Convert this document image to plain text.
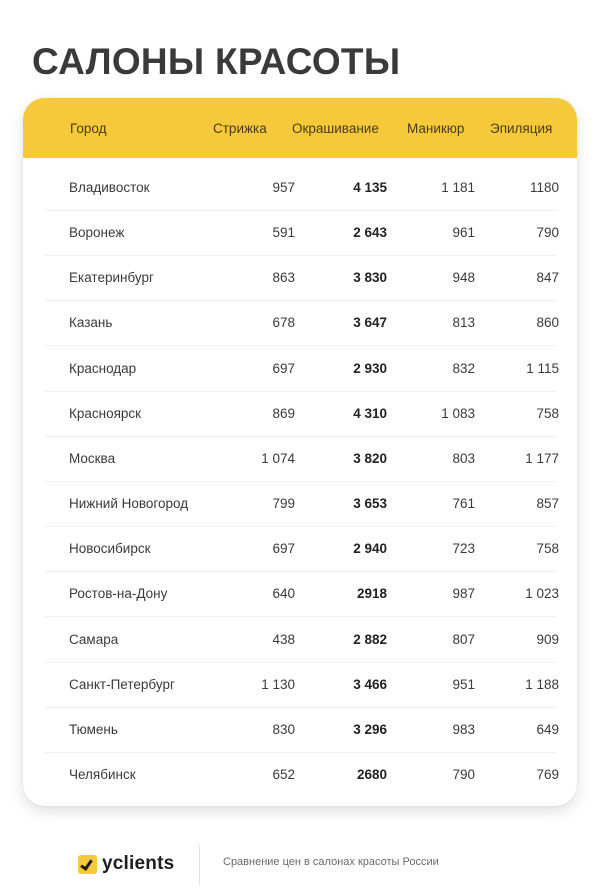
САЛОНЫ КРАСОТЫ
Город	Стрижка Окрашивание Маникюр Эпиляция
Владивосток	957	4 135	1 181	1180
Воронеж	591	2 643	961	790
Екатеринбург	863	3 830	948	847
Казань	678	3 647	813	860
Краснодар	697	2 930	832	1 115
Красноярск	869	4 310	1 083	758
Москва	1 074	3 820	803	1 177
Нижний Новогород	799	3 653	761	857
Новосибирск	697	2 940	723	758
Ростов-на-Дону	640	2918	987	1 023
Самара	438	2 882	807	909
Санкт-Петербург	1 130	3 466	951	1 188
Тюмень	830	3 296	983	649
Челябинск	652	2680	790	769
yclients	Сравнение цен в салонах красоты России
